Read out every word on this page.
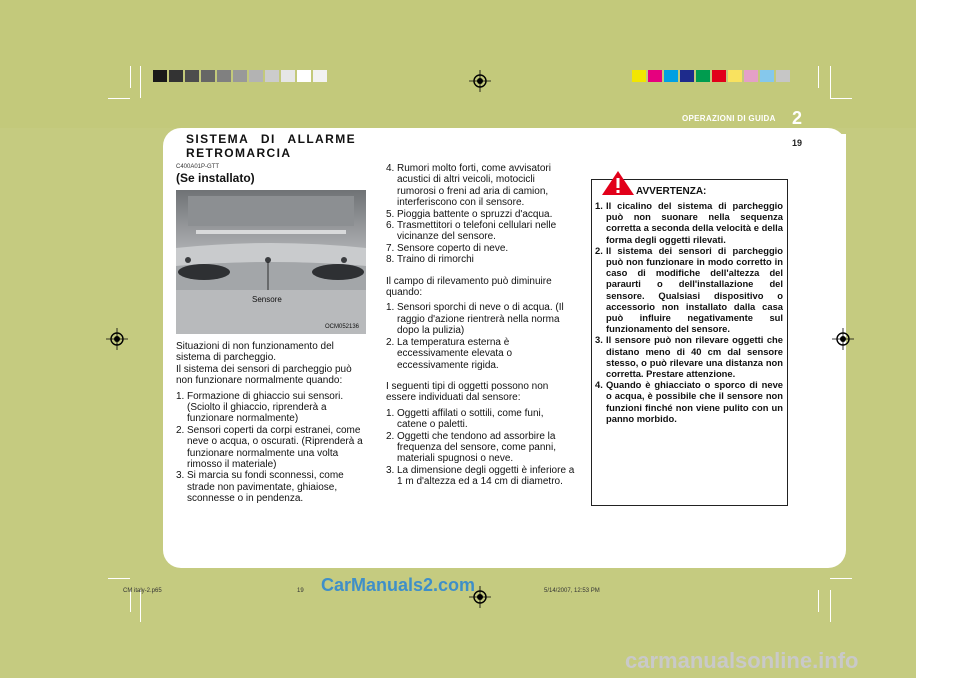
OPERAZIONI DI GUIDA 2
19
SISTEMA DI ALLARME RETROMARCIA
C400A01P-GTT
(Se installato)
Sensore
OCM052136

Situazioni di non funzionamento del sistema di parcheggio.

Il sistema dei sensori di parcheggio può non funzionare normalmente quando:

1. Formazione di ghiaccio sui sensori. (Sciolto il ghiaccio, riprenderà a funzionare normalmente)
2. Sensori coperti da corpi estranei, come neve o acqua, o oscurati. (Riprenderà a funzionare normalmente una volta rimosso il materiale)
3. Si marcia su fondi sconnessi, come strade non pavimentate, ghiaiose, sconnesse o in pendenza.
4. Rumori molto forti, come avvisatori acustici di altri veicoli, motocicli rumorosi o freni ad aria di camion, interferiscono con il sensore.
5. Pioggia battente o spruzzi d'acqua.
6. Trasmettitori o telefoni cellulari nelle vicinanze del sensore.
7. Sensore coperto di neve.
8. Traino di rimorchi

Il campo di rilevamento può diminuire quando:

1. Sensori sporchi di neve o di acqua. (Il raggio d'azione rientrerà nella norma dopo la pulizia)
2. La temperatura esterna è eccessivamente elevata o eccessivamente rigida.

I seguenti tipi di oggetti possono non essere individuati dal sensore:

1. Oggetti affilati o sottili, come funi, catene o paletti.
2. Oggetti che tendono ad assorbire la frequenza del sensore, come panni, materiali spugnosi o neve.
3. La dimensione degli oggetti è inferiore a 1 m d'altezza ed a 14 cm di diametro.
AVVERTENZA:
1. Il cicalino del sistema di parcheggio può non suonare nella sequenza corretta a seconda della velocità e della forma degli oggetti rilevati.
2. Il sistema dei sensori di parcheggio può non funzionare in modo corretto in caso di modifiche dell'altezza del paraurti o dell'installazione del sensore. Qualsiasi dispositivo o accessorio non installato dalla casa può influire negativamente sul funzionamento del sensore.
3. Il sensore può non rilevare oggetti che distano meno di 40 cm dal sensore stesso, o può rilevare una distanza non corretta. Prestare attenzione.
4. Quando è ghiacciato o sporco di neve o acqua, è possibile che il sensore non funzioni finché non viene pulito con un panno morbido.
CM italy-2.p65	19	5/14/2007, 12:53 PM
CarManuals2.com
carmanualsonline.info
